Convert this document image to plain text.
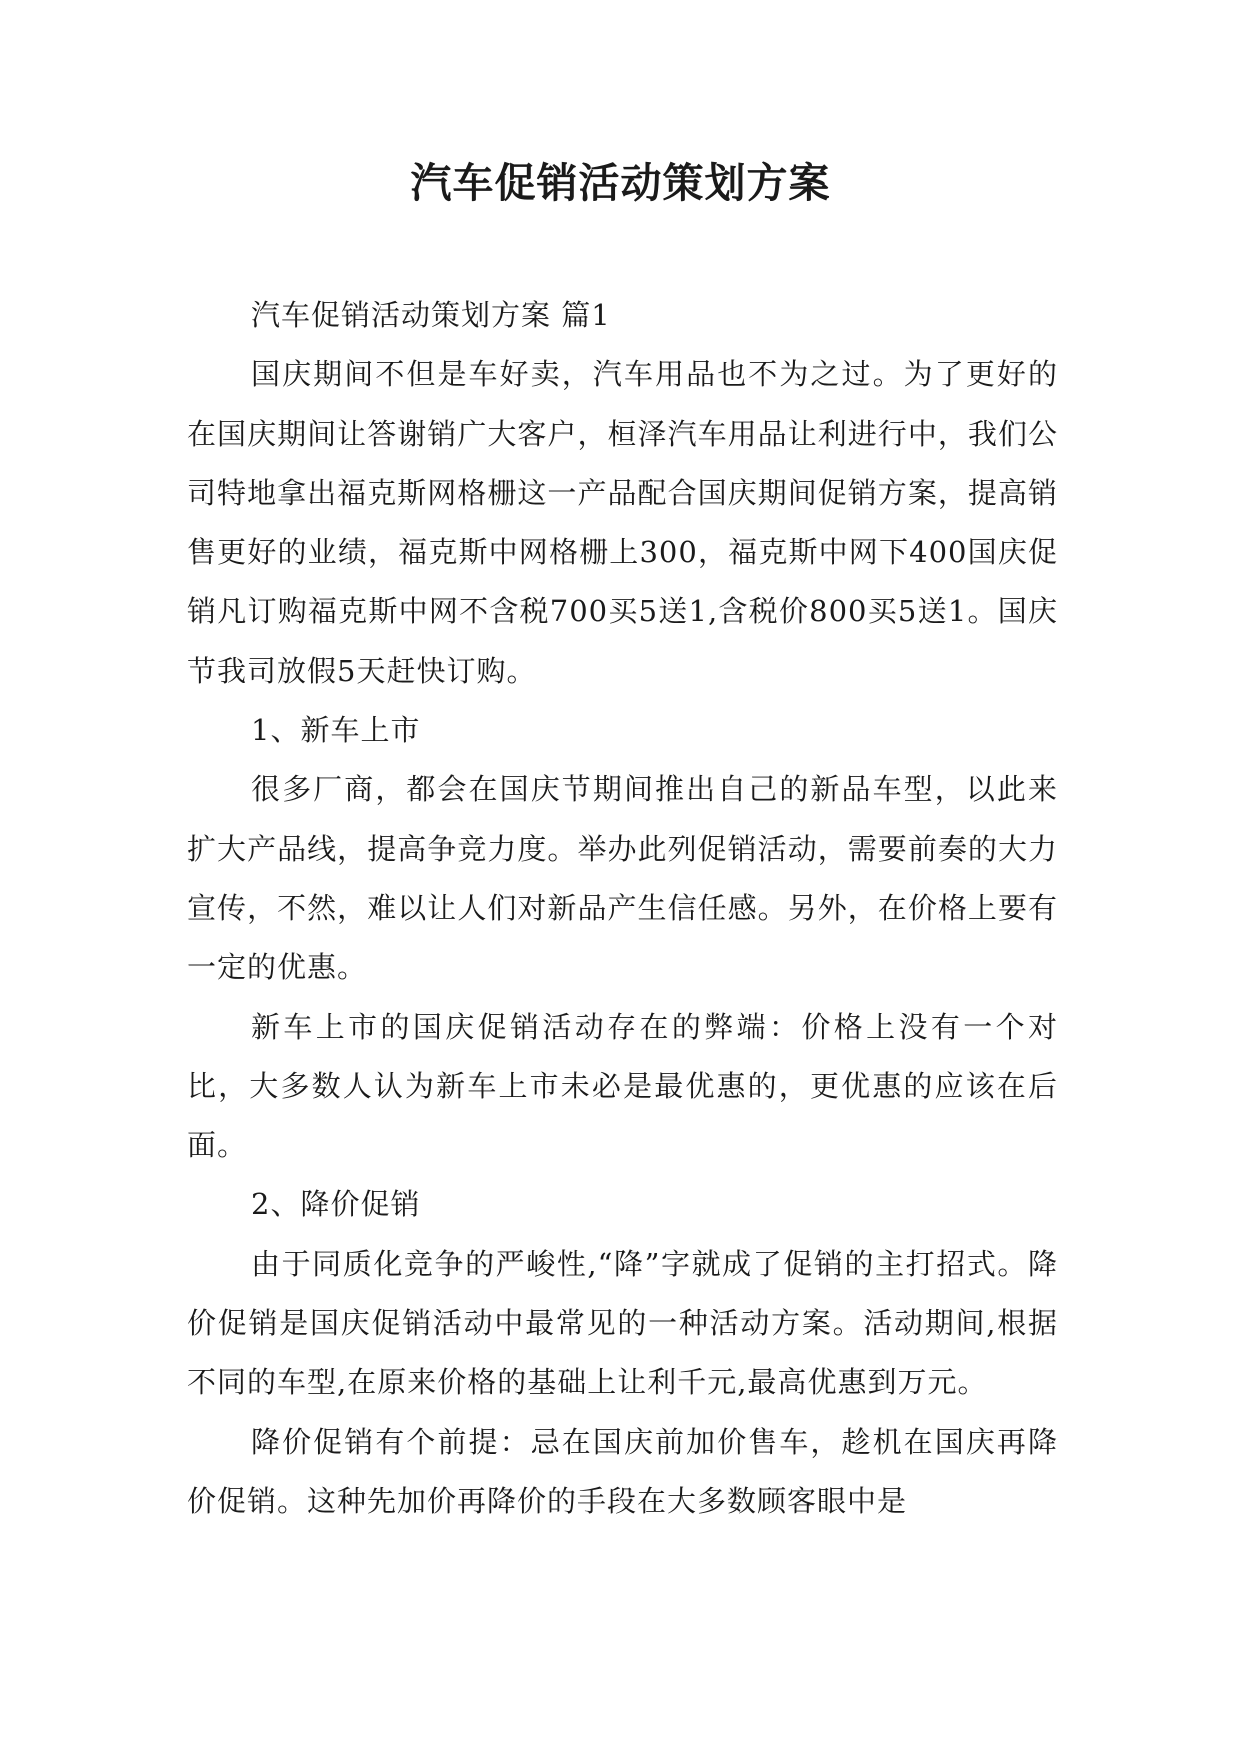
汽车促销活动策划方案

汽车促销活动策划方案 篇1

国庆期间不但是车好卖，汽车用品也不为之过。为了更好的在国庆期间让答谢销广大客户，桓泽汽车用品让利进行中，我们公司特地拿出福克斯网格栅这一产品配合国庆期间促销方案，提高销售更好的业绩，福克斯中网格栅上300，福克斯中网下400国庆促销凡订购福克斯中网不含税700买5送1,含税价800买5送1。国庆节我司放假5天赶快订购。

1、新车上市

很多厂商，都会在国庆节期间推出自己的新品车型，以此来扩大产品线，提高争竞力度。举办此列促销活动，需要前奏的大力宣传，不然，难以让人们对新品产生信任感。另外，在价格上要有一定的优惠。

新车上市的国庆促销活动存在的弊端：价格上没有一个对比，大多数人认为新车上市未必是最优惠的，更优惠的应该在后面。

2、降价促销

由于同质化竞争的严峻性,“降”字就成了促销的主打招式。降价促销是国庆促销活动中最常见的一种活动方案。活动期间,根据不同的车型,在原来价格的基础上让利千元,最高优惠到万元。

降价促销有个前提：忌在国庆前加价售车，趁机在国庆再降价促销。这种先加价再降价的手段在大多数顾客眼中是
